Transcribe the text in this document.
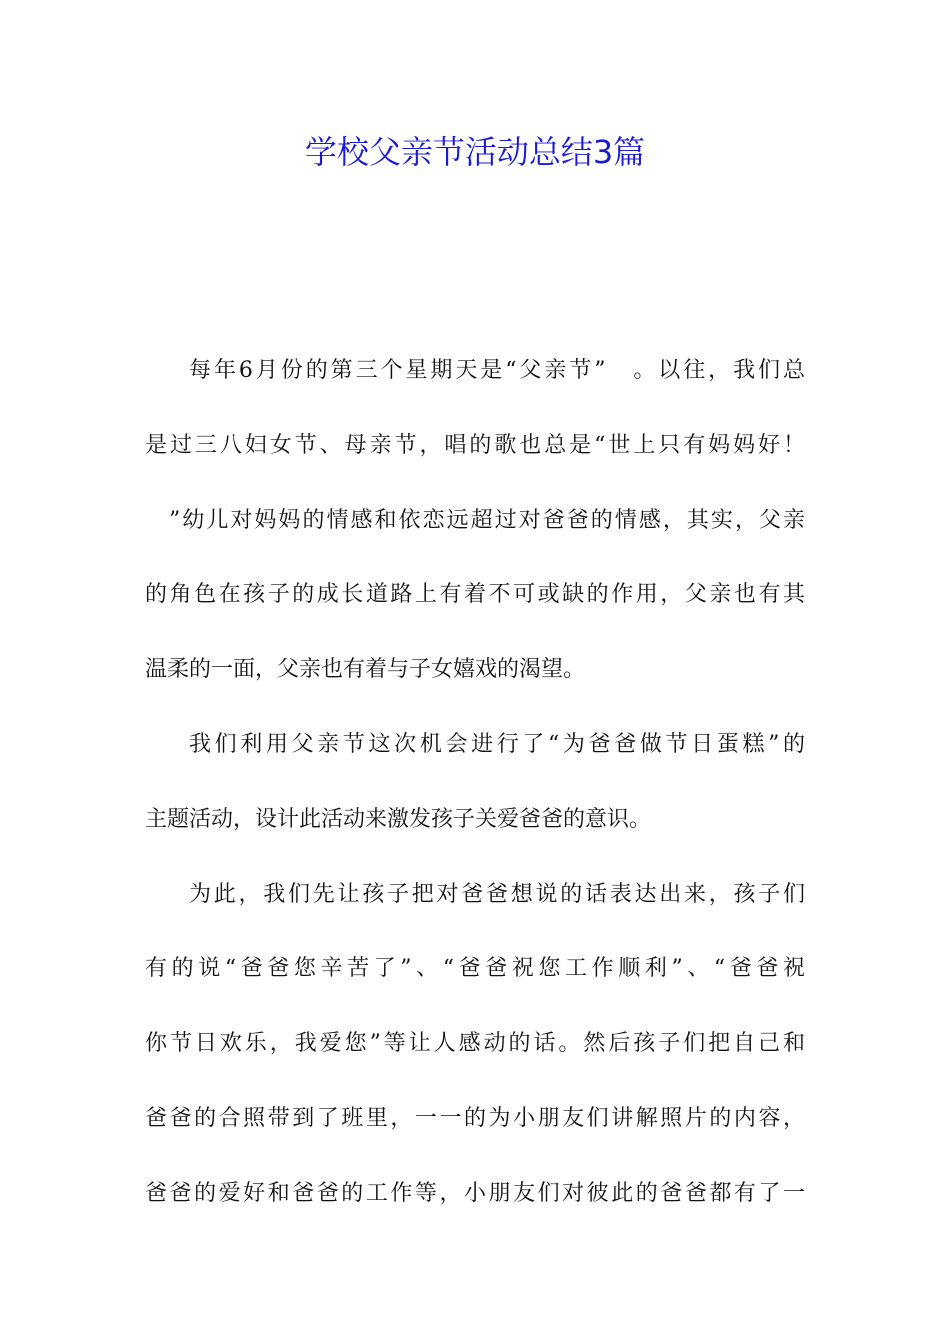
学校父亲节活动总结3篇

每年6月份的第三个星期天是“父亲节”　。以往，我们总
是过三八妇女节、母亲节，唱的歌也总是“世上只有妈妈好！
　”幼儿对妈妈的情感和依恋远超过对爸爸的情感，其实，父亲
的角色在孩子的成长道路上有着不可或缺的作用，父亲也有其
温柔的一面，父亲也有着与子女嬉戏的渴望。

我们利用父亲节这次机会进行了“为爸爸做节日蛋糕”的
主题活动，设计此活动来激发孩子关爱爸爸的意识。

为此，我们先让孩子把对爸爸想说的话表达出来，孩子们
有的说“爸爸您辛苦了”、“爸爸祝您工作顺利”、“爸爸祝
你节日欢乐，我爱您”等让人感动的话。然后孩子们把自己和
爸爸的合照带到了班里，一一的为小朋友们讲解照片的内容，
爸爸的爱好和爸爸的工作等，小朋友们对彼此的爸爸都有了一
